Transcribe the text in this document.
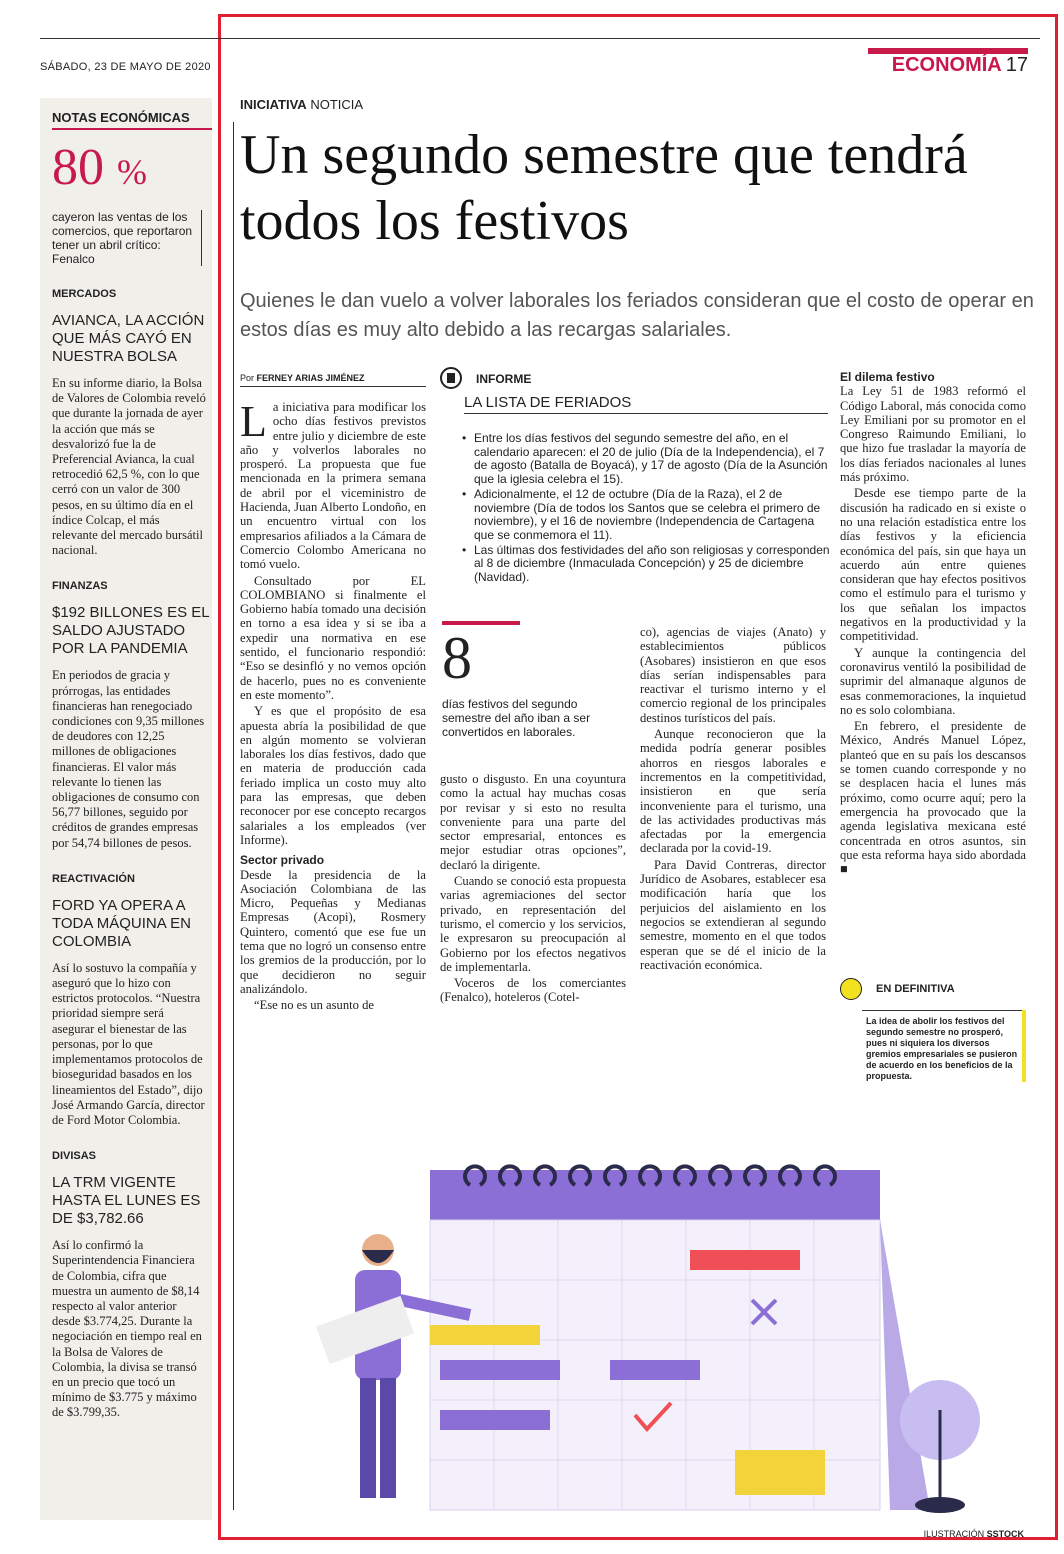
SÁBADO, 23 DE MAYO DE 2020	ECONOMÍA 17
NOTAS ECONÓMICAS
80 %
cayeron las ventas de los comercios, que reportaron tener un abril crítico: Fenalco
MERCADOS
AVIANCA, LA ACCIÓN QUE MÁS CAYÓ EN NUESTRA BOLSA
En su informe diario, la Bolsa de Valores de Colombia reveló que durante la jornada de ayer la acción que más se desvalorizó fue la de Preferencial Avianca, la cual retrocedió 62,5 %, con lo que cerró con un valor de 300 pesos, en su último día en el índice Colcap, el más relevante del mercado bursátil nacional.
FINANZAS
$192 BILLONES ES EL SALDO AJUSTADO POR LA PANDEMIA
En periodos de gracia y prórrogas, las entidades financieras han renegociado condiciones con 9,35 millones de deudores con 12,25 millones de obligaciones financieras. El valor más relevante lo tienen las obligaciones de consumo con 56,77 billones, seguido por créditos de grandes empresas por 54,74 billones de pesos.
REACTIVACIÓN
FORD YA OPERA A TODA MÁQUINA EN COLOMBIA
Así lo sostuvo la compañía y aseguró que lo hizo con estrictos protocolos. “Nuestra prioridad siempre será asegurar el bienestar de las personas, por lo que implementamos protocolos de bioseguridad basados en los lineamientos del Estado”, dijo José Armando García, director de Ford Motor Colombia.
DIVISAS
LA TRM VIGENTE HASTA EL LUNES ES DE $3,782.66
Así lo confirmó la Superintendencia Financiera de Colombia, cifra que muestra un aumento de $8,14 respecto al valor anterior desde $3.774,25. Durante la negociación en tiempo real en la Bolsa de Valores de Colombia, la divisa se transó en un precio que tocó un mínimo de $3.775 y máximo de $3.799,35.
INICIATIVA NOTICIA
Un segundo semestre que tendrá todos los festivos
Quienes le dan vuelo a volver laborales los feriados consideran que el costo de operar en estos días es muy alto debido a las recargas salariales.
Por FERNEY ARIAS JIMÉNEZ

La iniciativa para modificar los ocho días festivos previstos entre julio y diciembre de este año y volverlos laborales no prosperó. La propuesta que fue mencionada en la primera semana de abril por el viceministro de Hacienda, Juan Alberto Londoño, en un encuentro virtual con los empresarios afiliados a la Cámara de Comercio Colombo Americana no tomó vuelo.

Consultado por EL COLOMBIANO si finalmente el Gobierno había tomado una decisión en torno a esa idea y si se iba a expedir una normativa en ese sentido, el funcionario respondió: “Eso se desinfló y no vemos opción de hacerlo, pues no es conveniente en este momento”.

Y es que el propósito de esa apuesta abría la posibilidad de que en algún momento se volvieran laborales los días festivos, dado que en materia de producción cada feriado implica un costo muy alto para las empresas, que deben reconocer por ese concepto recargos salariales a los empleados (ver Informe).

Sector privado

Desde la presidencia de la Asociación Colombiana de las Micro, Pequeñas y Medianas Empresas (Acopi), Rosmery Quintero, comentó que ese fue un tema que no logró un consenso entre los gremios de la producción, por lo que decidieron no seguir analizándolo.

“Ese no es un asunto de

INFORME
LA LISTA DE FERIADOS
• Entre los días festivos del segundo semestre del año, en el calendario aparecen: el 20 de julio (Día de la Independencia), el 7 de agosto (Batalla de Boyacá), y 17 de agosto (Día de la Asunción que la iglesia celebra el 15).
• Adicionalmente, el 12 de octubre (Día de la Raza), el 2 de noviembre (Día de todos los Santos que se celebra el primero de noviembre), y el 16 de noviembre (Independencia de Cartagena que se conmemora el 11).
• Las últimas dos festividades del año son religiosas y corresponden al 8 de diciembre (Inmaculada Concepción) y 25 de diciembre (Navidad).
8
días festivos del segundo semestre del año iban a ser convertidos en laborales.

gusto o disgusto. En una coyuntura como la actual hay muchas cosas por revisar y si esto no resulta conveniente para una parte del sector empresarial, entonces es mejor estudiar otras opciones”, declaró la dirigente.

Cuando se conoció esta propuesta varias agremiaciones del sector privado, en representación del turismo, el comercio y los servicios, le expresaron su preocupación al Gobierno por los efectos negativos de implementarla.

Voceros de los comerciantes (Fenalco), hoteleros (Cotel-

co), agencias de viajes (Anato) y establecimientos públicos (Asobares) insistieron en que esos días serían indispensables para reactivar el turismo interno y el comercio regional de los principales destinos turísticos del país.

Aunque reconocieron que la medida podría generar posibles ahorros en riesgos laborales e incrementos en la competitividad, insistieron en que sería inconveniente para el turismo, una de las actividades productivas más afectadas por la emergencia declarada por la covid-19.

Para David Contreras, director Jurídico de Asobares, establecer esa modificación haría que los perjuicios del aislamiento en los negocios se extendieran al segundo semestre, momento en el que todos esperan que se dé el inicio de la reactivación económica.

El dilema festivo

La Ley 51 de 1983 reformó el Código Laboral, más conocida como Ley Emiliani por su promotor en el Congreso Raimundo Emiliani, lo que hizo fue trasladar la mayoría de los días feriados nacionales al lunes más próximo.

Desde ese tiempo parte de la discusión ha radicado en si existe o no una relación estadística entre los días festivos y la eficiencia económica del país, sin que haya un acuerdo aún entre quienes consideran que hay efectos positivos como el estímulo para el turismo y los que señalan los impactos negativos en la productividad y la competitividad.

Y aunque la contingencia del coronavirus ventiló la posibilidad de suprimir del almanaque algunos de esas conmemoraciones, la inquietud no es solo colombiana.

En febrero, el presidente de México, Andrés Manuel López, planteó que en su país los descansos se tomen cuando corresponde y no se desplacen hacia el lunes más próximo, como ocurre aquí; pero la emergencia ha provocado que la agenda legislativa mexicana esté concentrada en otros asuntos, sin que esta reforma haya sido abordada ■

EN DEFINITIVA
La idea de abolir los festivos del segundo semestre no prosperó, pues ni siquiera los diversos gremios empresariales se pusieron de acuerdo en los beneficios de la propuesta.
ILUSTRACIÓN SSTOCK
